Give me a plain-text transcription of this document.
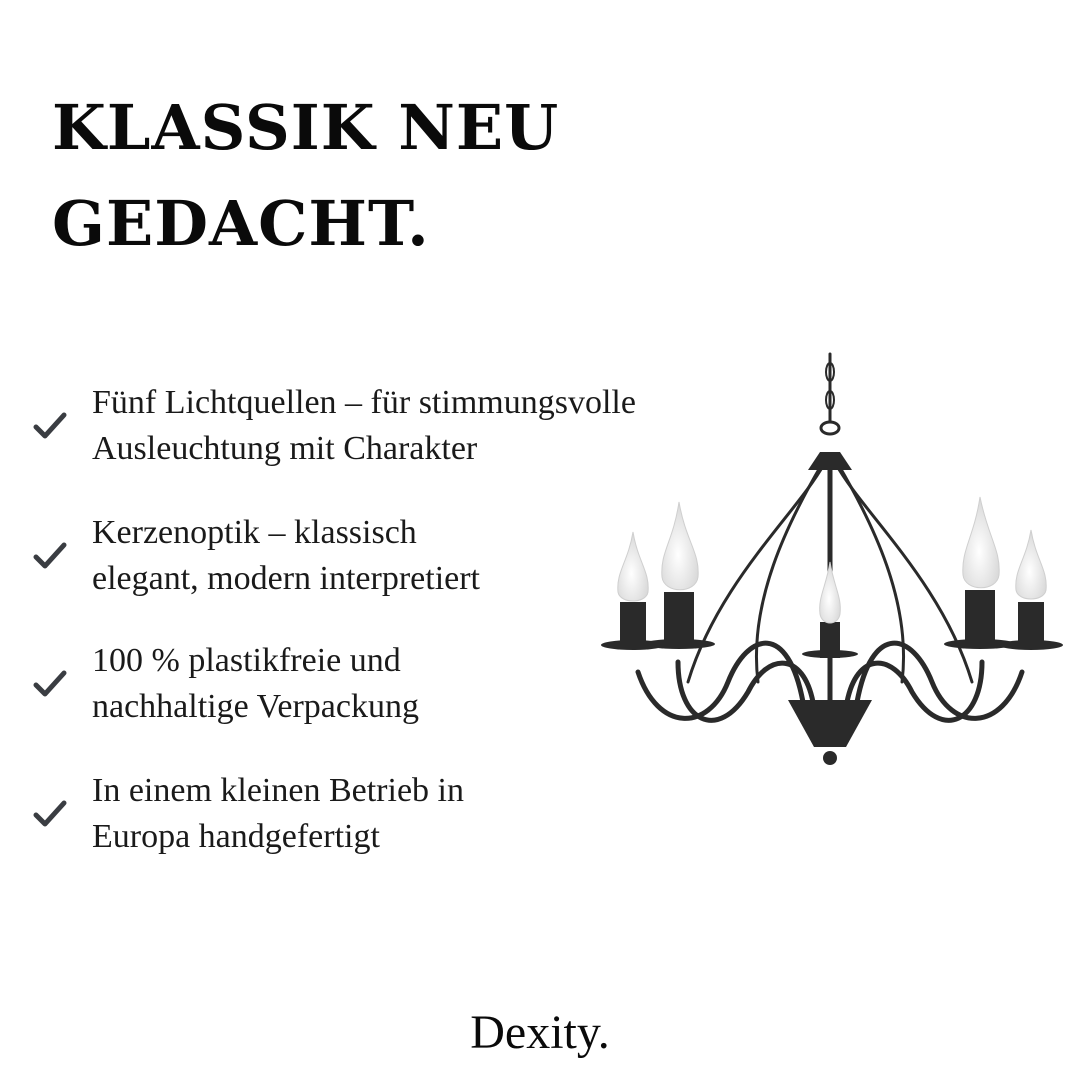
KLASSIK NEU
GEDACHT.
Fünf Lichtquellen – für stimmungsvolle
Ausleuchtung mit Charakter
Kerzenoptik – klassisch
elegant, modern interpretiert
100 % plastikfreie und
nachhaltige Verpackung
In einem kleinen Betrieb in
Europa handgefertigt
Dexity.
